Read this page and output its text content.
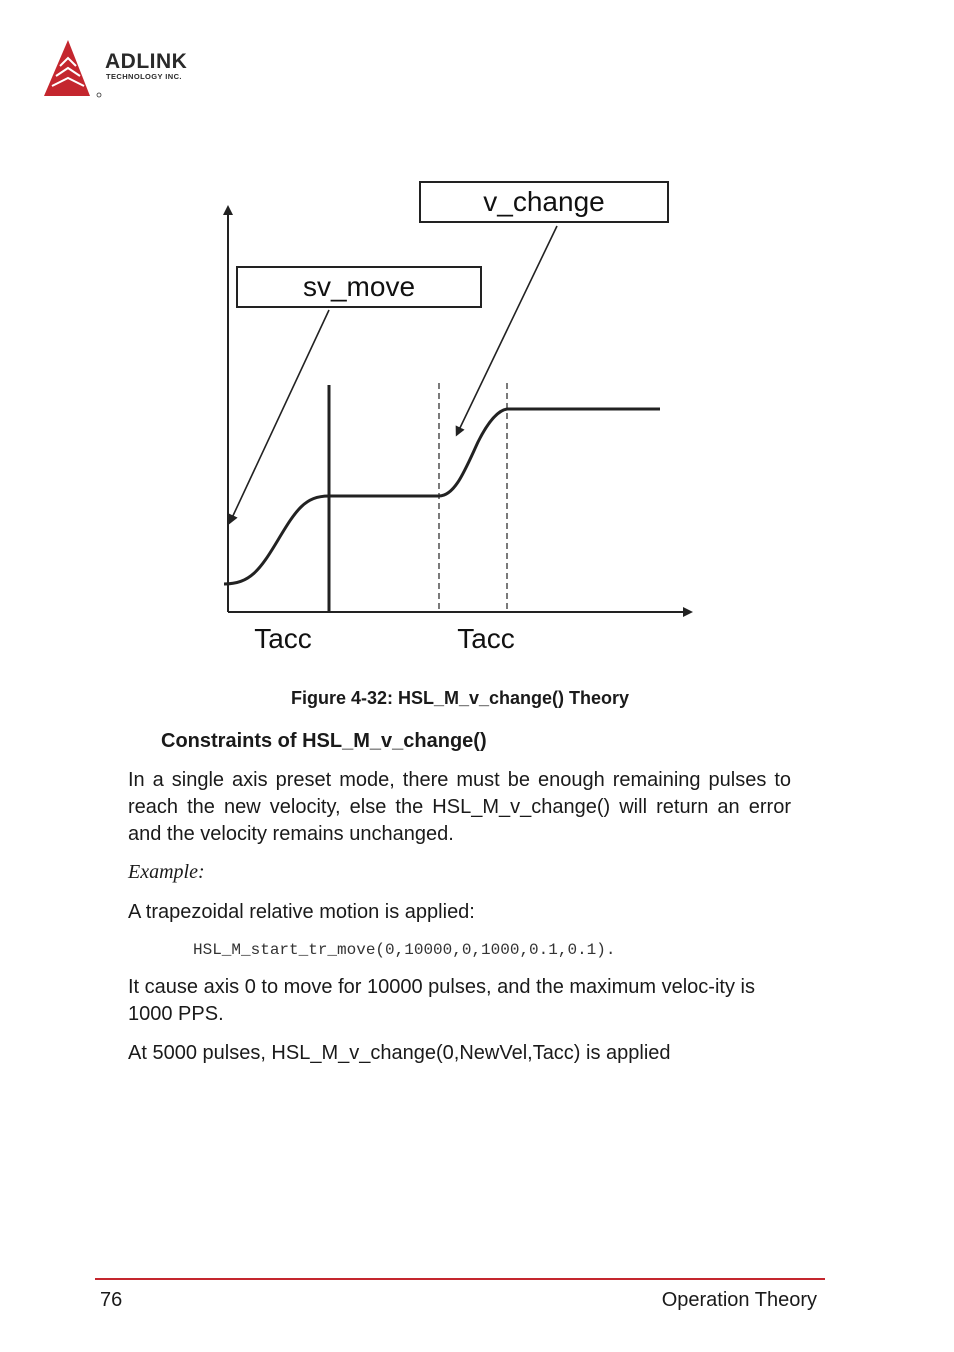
ADLINK
TECHNOLOGY INC.
sv_move
v_change
Tacc	Tacc
Figure 4-32: HSL_M_v_change() Theory
Constraints of HSL_M_v_change()
In a single axis preset mode, there must be enough remaining pulses to reach the new velocity, else the HSL_M_v_change() will return an error and the velocity remains unchanged.
Example:
A trapezoidal relative motion is applied:
HSL_M_start_tr_move(0,10000,0,1000,0.1,0.1).
It cause axis 0 to move for 10000 pulses, and the maximum veloc-ity is 1000 PPS.
At 5000 pulses, HSL_M_v_change(0,NewVel,Tacc) is applied
76	Operation Theory
